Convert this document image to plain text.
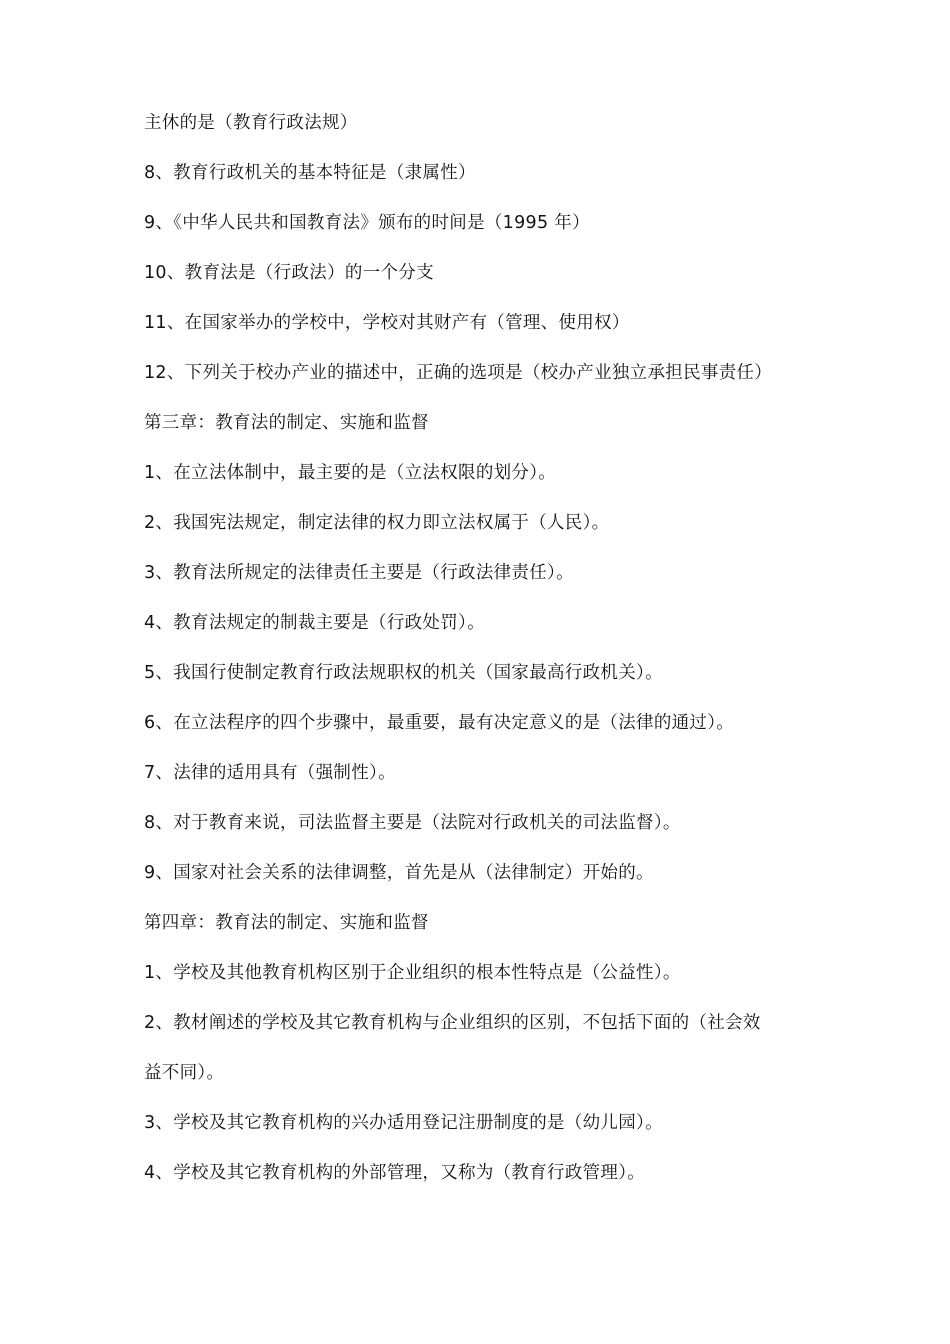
主休的是（教育行政法规）
8、教育行政机关的基本特征是（隶属性）
9、《中华人民共和国教育法》颁布的时间是（1995 年）
10、教育法是（行政法）的一个分支
11、在国家举办的学校中，学校对其财产有（管理、使用权）
12、下列关于校办产业的描述中，正确的选项是（校办产业独立承担民事责任）
第三章：教育法的制定、实施和监督
1、在立法体制中，最主要的是（立法权限的划分）。
2、我国宪法规定，制定法律的权力即立法权属于（人民）。
3、教育法所规定的法律责任主要是（行政法律责任）。
4、教育法规定的制裁主要是（行政处罚）。
5、我国行使制定教育行政法规职权的机关（国家最高行政机关）。
6、在立法程序的四个步骤中，最重要，最有决定意义的是（法律的通过）。
7、法律的适用具有（强制性）。
8、对于教育来说，司法监督主要是（法院对行政机关的司法监督）。
9、国家对社会关系的法律调整，首先是从（法律制定）开始的。
第四章：教育法的制定、实施和监督
1、学校及其他教育机构区别于企业组织的根本性特点是（公益性）。
2、教材阐述的学校及其它教育机构与企业组织的区别，不包括下面的（社会效
益不同）。
3、学校及其它教育机构的兴办适用登记注册制度的是（幼儿园）。
4、学校及其它教育机构的外部管理，又称为（教育行政管理）。
